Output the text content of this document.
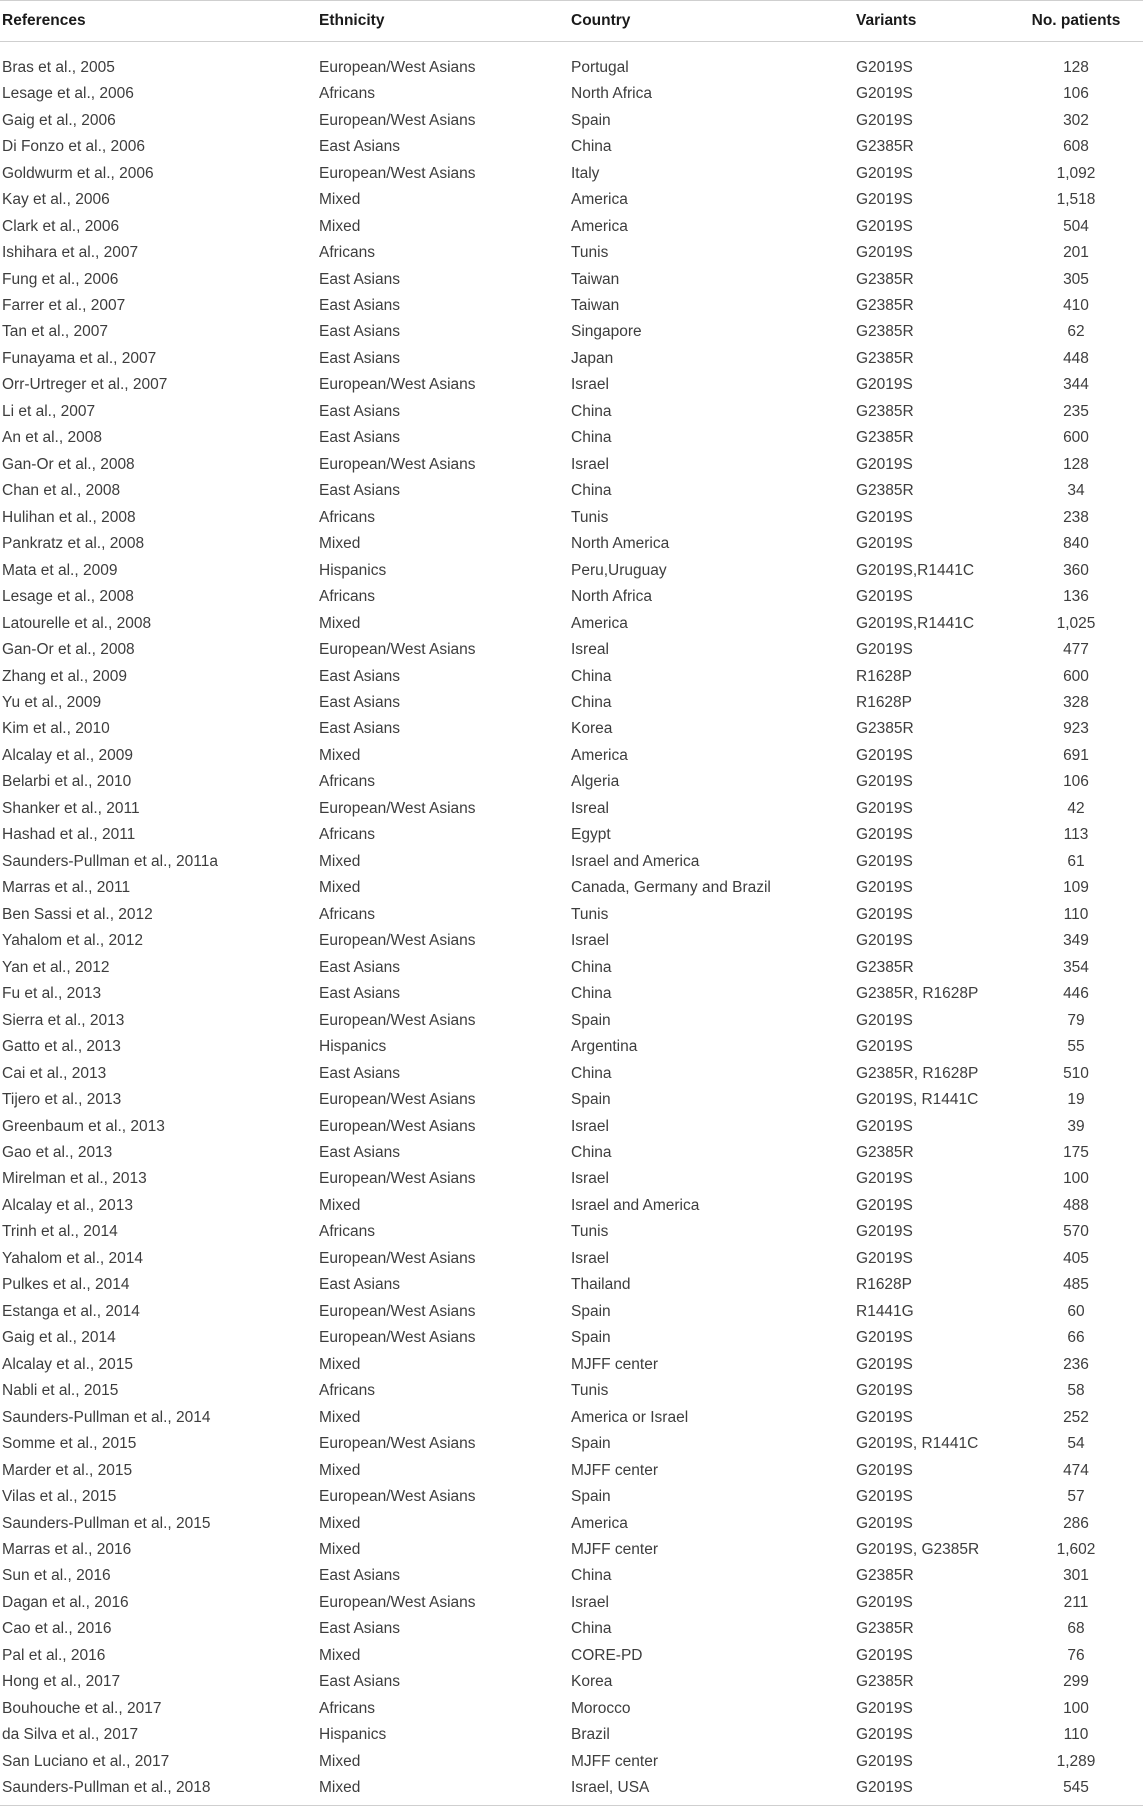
References	Ethnicity	Country	Variants	No. patients
Bras et al., 2005	European/West Asians	Portugal	G2019S	128
Lesage et al., 2006	Africans	North Africa	G2019S	106
Gaig et al., 2006	European/West Asians	Spain	G2019S	302
Di Fonzo et al., 2006	East Asians	China	G2385R	608
Goldwurm et al., 2006	European/West Asians	Italy	G2019S	1,092
Kay et al., 2006	Mixed	America	G2019S	1,518
Clark et al., 2006	Mixed	America	G2019S	504
Ishihara et al., 2007	Africans	Tunis	G2019S	201
Fung et al., 2006	East Asians	Taiwan	G2385R	305
Farrer et al., 2007	East Asians	Taiwan	G2385R	410
Tan et al., 2007	East Asians	Singapore	G2385R	62
Funayama et al., 2007	East Asians	Japan	G2385R	448
Orr-Urtreger et al., 2007	European/West Asians	Israel	G2019S	344
Li et al., 2007	East Asians	China	G2385R	235
An et al., 2008	East Asians	China	G2385R	600
Gan-Or et al., 2008	European/West Asians	Israel	G2019S	128
Chan et al., 2008	East Asians	China	G2385R	34
Hulihan et al., 2008	Africans	Tunis	G2019S	238
Pankratz et al., 2008	Mixed	North America	G2019S	840
Mata et al., 2009	Hispanics	Peru,Uruguay	G2019S,R1441C	360
Lesage et al., 2008	Africans	North Africa	G2019S	136
Latourelle et al., 2008	Mixed	America	G2019S,R1441C	1,025
Gan-Or et al., 2008	European/West Asians	Isreal	G2019S	477
Zhang et al., 2009	East Asians	China	R1628P	600
Yu et al., 2009	East Asians	China	R1628P	328
Kim et al., 2010	East Asians	Korea	G2385R	923
Alcalay et al., 2009	Mixed	America	G2019S	691
Belarbi et al., 2010	Africans	Algeria	G2019S	106
Shanker et al., 2011	European/West Asians	Isreal	G2019S	42
Hashad et al., 2011	Africans	Egypt	G2019S	113
Saunders-Pullman et al., 2011a	Mixed	Israel and America	G2019S	61
Marras et al., 2011	Mixed	Canada, Germany and Brazil	G2019S	109
Ben Sassi et al., 2012	Africans	Tunis	G2019S	110
Yahalom et al., 2012	European/West Asians	Israel	G2019S	349
Yan et al., 2012	East Asians	China	G2385R	354
Fu et al., 2013	East Asians	China	G2385R, R1628P	446
Sierra et al., 2013	European/West Asians	Spain	G2019S	79
Gatto et al., 2013	Hispanics	Argentina	G2019S	55
Cai et al., 2013	East Asians	China	G2385R, R1628P	510
Tijero et al., 2013	European/West Asians	Spain	G2019S, R1441C	19
Greenbaum et al., 2013	European/West Asians	Israel	G2019S	39
Gao et al., 2013	East Asians	China	G2385R	175
Mirelman et al., 2013	European/West Asians	Israel	G2019S	100
Alcalay et al., 2013	Mixed	Israel and America	G2019S	488
Trinh et al., 2014	Africans	Tunis	G2019S	570
Yahalom et al., 2014	European/West Asians	Israel	G2019S	405
Pulkes et al., 2014	East Asians	Thailand	R1628P	485
Estanga et al., 2014	European/West Asians	Spain	R1441G	60
Gaig et al., 2014	European/West Asians	Spain	G2019S	66
Alcalay et al., 2015	Mixed	MJFF center	G2019S	236
Nabli et al., 2015	Africans	Tunis	G2019S	58
Saunders-Pullman et al., 2014	Mixed	America or Israel	G2019S	252
Somme et al., 2015	European/West Asians	Spain	G2019S, R1441C	54
Marder et al., 2015	Mixed	MJFF center	G2019S	474
Vilas et al., 2015	European/West Asians	Spain	G2019S	57
Saunders-Pullman et al., 2015	Mixed	America	G2019S	286
Marras et al., 2016	Mixed	MJFF center	G2019S, G2385R	1,602
Sun et al., 2016	East Asians	China	G2385R	301
Dagan et al., 2016	European/West Asians	Israel	G2019S	211
Cao et al., 2016	East Asians	China	G2385R	68
Pal et al., 2016	Mixed	CORE-PD	G2019S	76
Hong et al., 2017	East Asians	Korea	G2385R	299
Bouhouche et al., 2017	Africans	Morocco	G2019S	100
da Silva et al., 2017	Hispanics	Brazil	G2019S	110
San Luciano et al., 2017	Mixed	MJFF center	G2019S	1,289
Saunders-Pullman et al., 2018	Mixed	Israel, USA	G2019S	545
